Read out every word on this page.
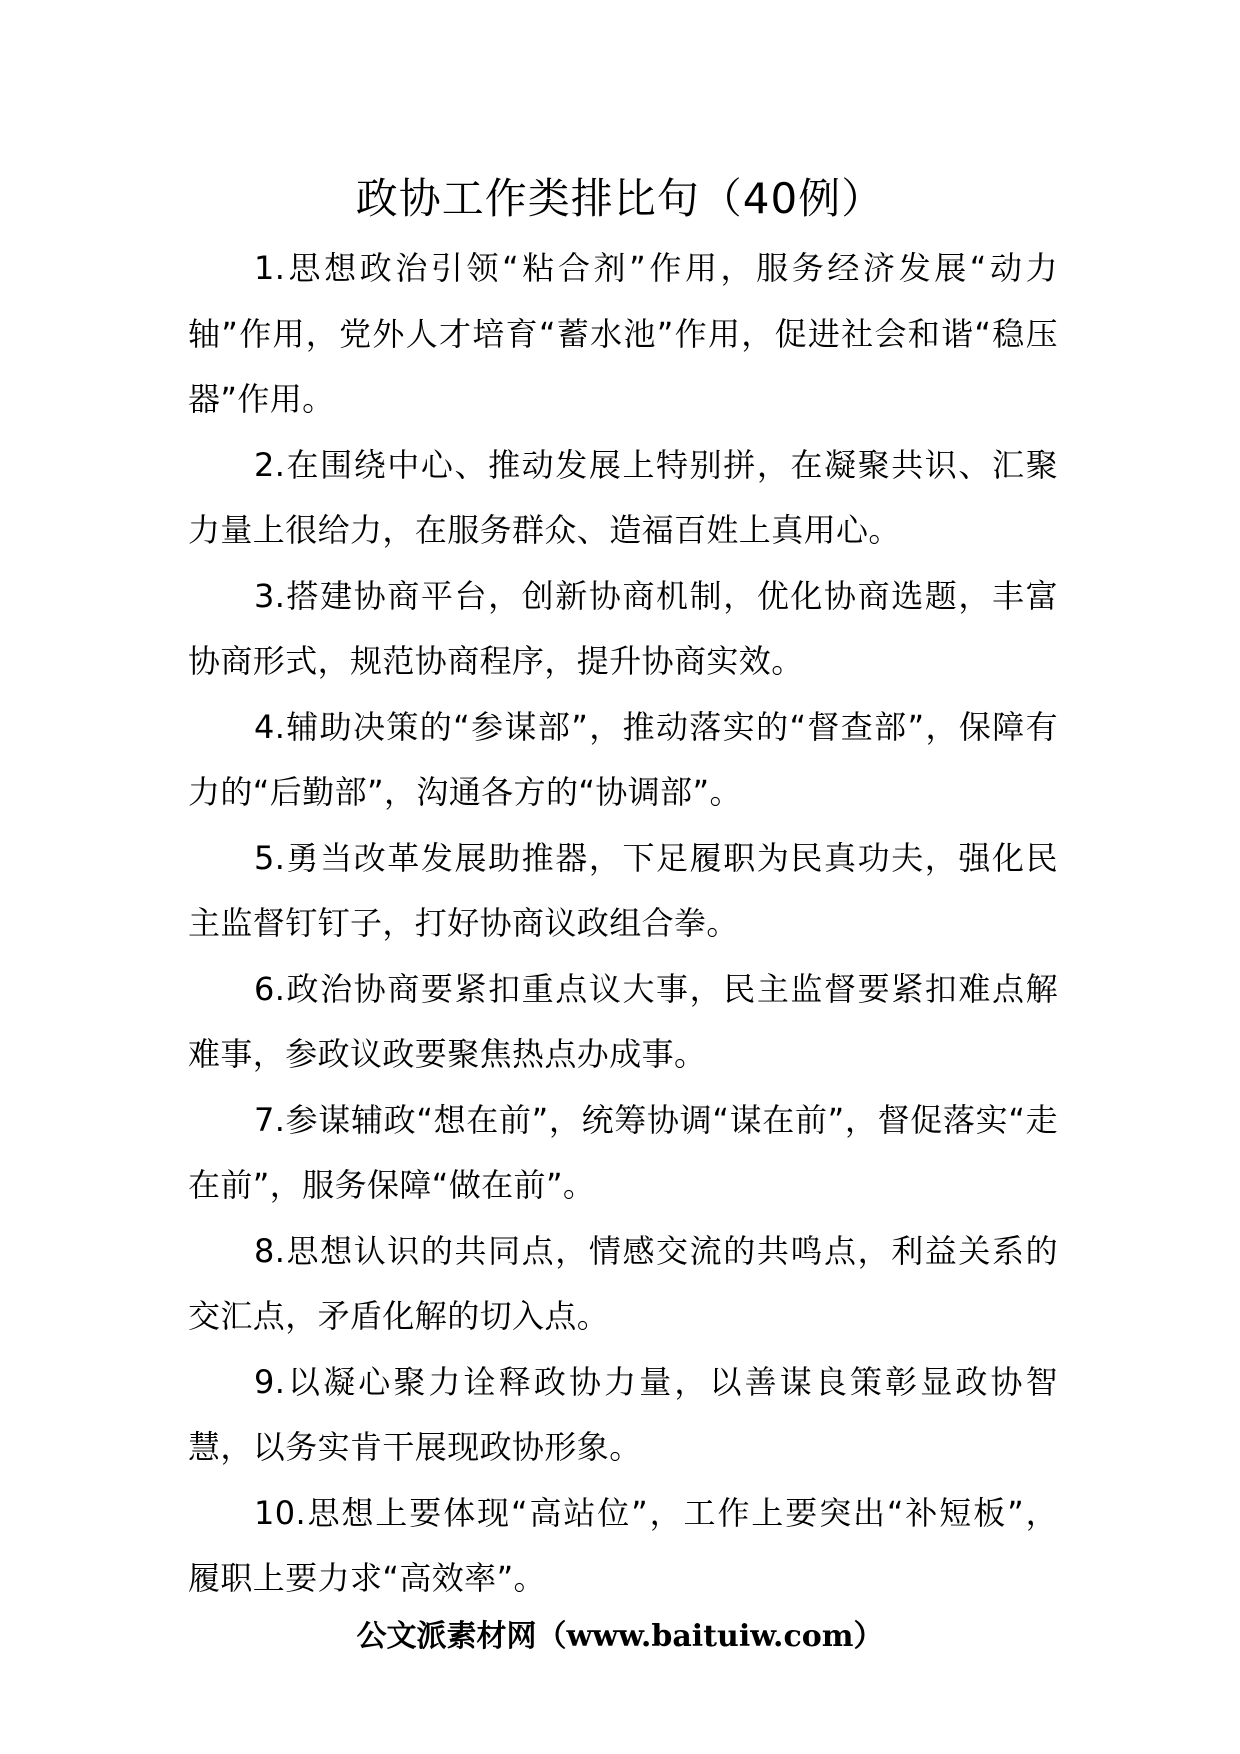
政协工作类排比句（40例）

1.思想政治引领“粘合剂”作用，服务经济发展“动力轴”作用，党外人才培育“蓄水池”作用，促进社会和谐“稳压器”作用。

2.在围绕中心、推动发展上特别拼，在凝聚共识、汇聚力量上很给力，在服务群众、造福百姓上真用心。

3.搭建协商平台，创新协商机制，优化协商选题，丰富协商形式，规范协商程序，提升协商实效。

4.辅助决策的“参谋部”，推动落实的“督查部”，保障有力的“后勤部”，沟通各方的“协调部”。

5.勇当改革发展助推器，下足履职为民真功夫，强化民主监督钉钉子，打好协商议政组合拳。

6.政治协商要紧扣重点议大事，民主监督要紧扣难点解难事，参政议政要聚焦热点办成事。

7.参谋辅政“想在前”，统筹协调“谋在前”，督促落实“走在前”，服务保障“做在前”。

8.思想认识的共同点，情感交流的共鸣点，利益关系的交汇点，矛盾化解的切入点。

9.以凝心聚力诠释政协力量，以善谋良策彰显政协智慧，以务实肯干展现政协形象。

10.思想上要体现“高站位”，工作上要突出“补短板”， 履职上要力求“高效率”。

公文派素材网（www.baituiw.com）
